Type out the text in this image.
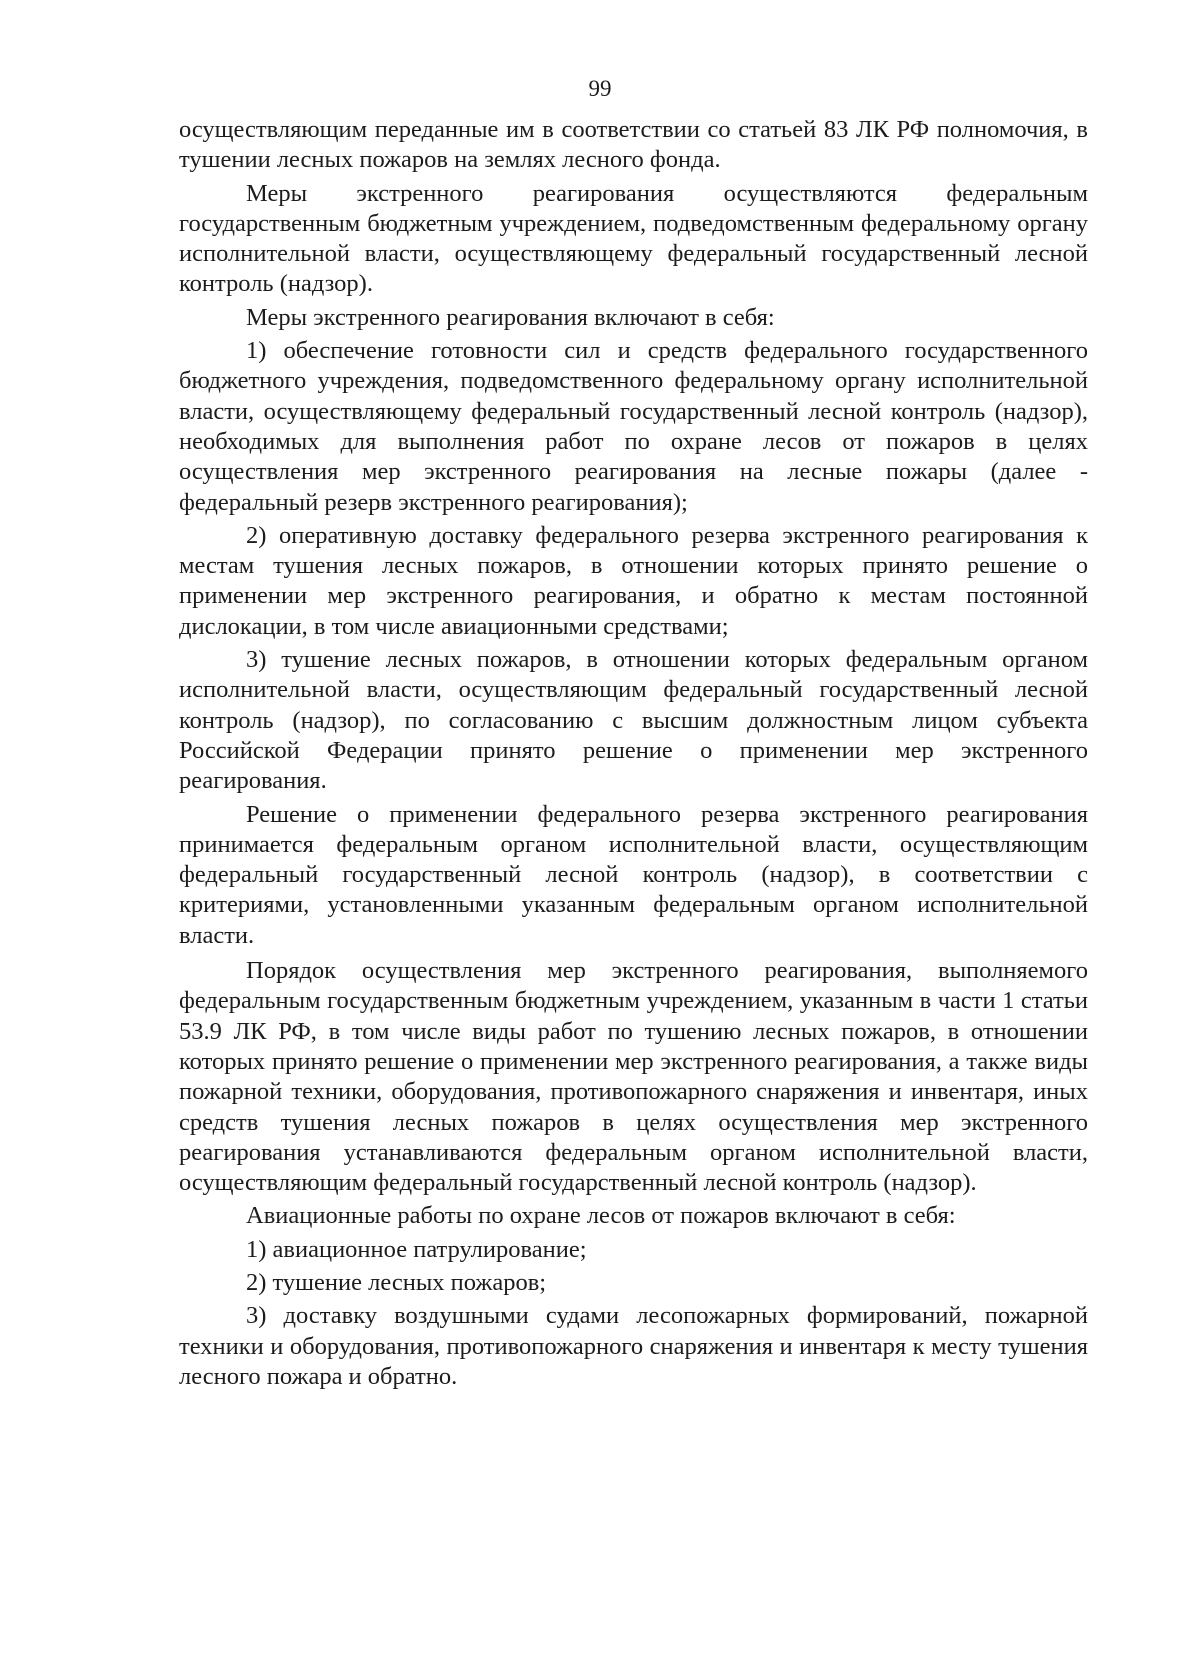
99

осуществляющим переданные им в соответствии со статьей 83 ЛК РФ полномочия, в тушении лесных пожаров на землях лесного фонда.

Меры экстренного реагирования осуществляются федеральным государственным бюджетным учреждением, подведомственным федеральному органу исполнительной власти, осуществляющему федеральный государственный лесной контроль (надзор).

Меры экстренного реагирования включают в себя:

1) обеспечение готовности сил и средств федерального государственного бюджетного учреждения, подведомственного федеральному органу исполнительной власти, осуществляющему федеральный государственный лесной контроль (надзор), необходимых для выполнения работ по охране лесов от пожаров в целях осуществления мер экстренного реагирования на лесные пожары (далее - федеральный резерв экстренного реагирования);

2) оперативную доставку федерального резерва экстренного реагирования к местам тушения лесных пожаров, в отношении которых принято решение о применении мер экстренного реагирования, и обратно к местам постоянной дислокации, в том числе авиационными средствами;

3) тушение лесных пожаров, в отношении которых федеральным органом исполнительной власти, осуществляющим федеральный государственный лесной контроль (надзор), по согласованию с высшим должностным лицом субъекта Российской Федерации принято решение о применении мер экстренного реагирования.

Решение о применении федерального резерва экстренного реагирования принимается федеральным органом исполнительной власти, осуществляющим федеральный государственный лесной контроль (надзор), в соответствии с критериями, установленными указанным федеральным органом исполнительной власти.

Порядок осуществления мер экстренного реагирования, выполняемого федеральным государственным бюджетным учреждением, указанным в части 1 статьи 53.9 ЛК РФ, в том числе виды работ по тушению лесных пожаров, в отношении которых принято решение о применении мер экстренного реагирования, а также виды пожарной техники, оборудования, противопожарного снаряжения и инвентаря, иных средств тушения лесных пожаров в целях осуществления мер экстренного реагирования устанавливаются федеральным органом исполнительной власти, осуществляющим федеральный государственный лесной контроль (надзор).

Авиационные работы по охране лесов от пожаров включают в себя:

1) авиационное патрулирование;

2) тушение лесных пожаров;

3) доставку воздушными судами лесопожарных формирований, пожарной техники и оборудования, противопожарного снаряжения и инвентаря к месту тушения лесного пожара и обратно.
